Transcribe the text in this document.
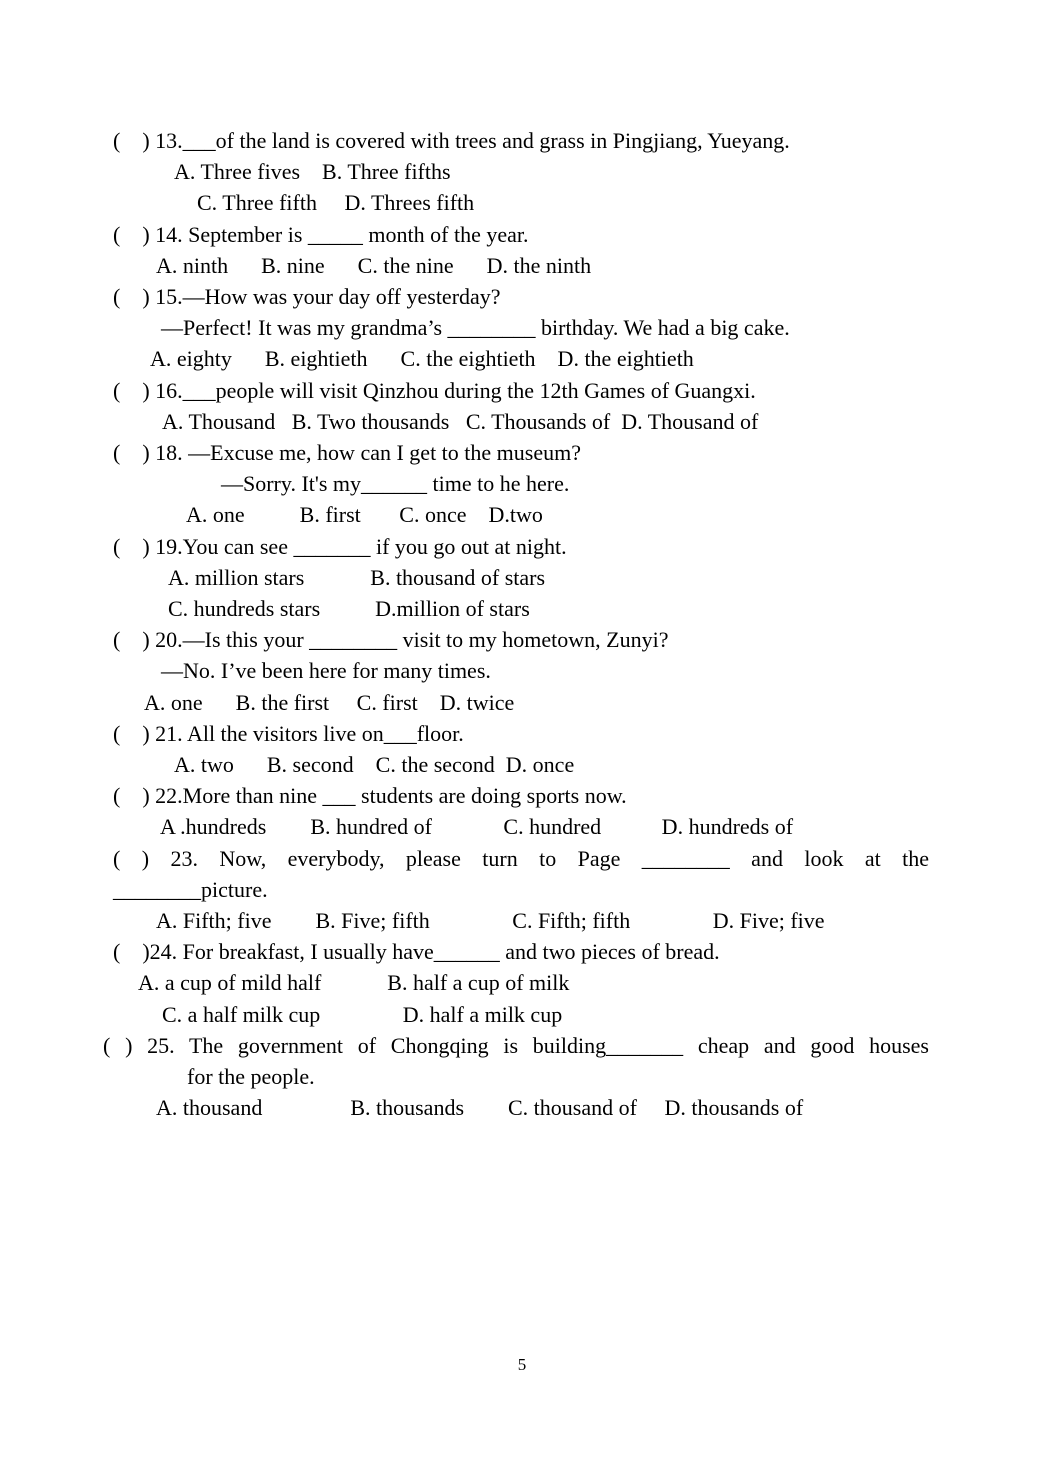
(    ) 13.___of the land is covered with trees and grass in Pingjiang, Yueyang.
A. Three fives    B. Three fifths
C. Three fifth     D. Threes fifth
(    ) 14. September is _____ month of the year.
A. ninth      B. nine      C. the nine      D. the ninth
(    ) 15.—How was your day off yesterday?
—Perfect! It was my grandma’s ________ birthday. We had a big cake.
A. eighty      B. eightieth      C. the eightieth    D. the eightieth
(    ) 16.___people will visit Qinzhou during the 12th Games of Guangxi.
A. Thousand   B. Two thousands   C. Thousands of  D. Thousand of
(    ) 18. —Excuse me, how can I get to the museum?
—Sorry. It's my______ time to he here.
A. one          B. first       C. once    D.two
(    ) 19.You can see _______ if you go out at night.
A. million stars            B. thousand of stars
C. hundreds stars          D.million of stars
(    ) 20.—Is this your ________ visit to my hometown, Zunyi?
—No. I’ve been here for many times.
A. one      B. the first     C. first    D. twice
(    ) 21. All the visitors live on___floor.
A. two      B. second    C. the second  D. once
(    ) 22.More than nine ___ students are doing sports now.
A .hundreds        B. hundred of             C. hundred           D. hundreds of
( ) 23. Now, everybody, please turn to Page ________ and look at the
________picture.
A. Fifth; five        B. Five; fifth               C. Fifth; fifth               D. Five; five
(    )24. For breakfast, I usually have______ and two pieces of bread.
A. a cup of mild half            B. half a cup of milk
C. a half milk cup               D. half a milk cup
( ) 25. The government of Chongqing is building_______ cheap and good houses
for the people.
A. thousand                B. thousands        C. thousand of     D. thousands of
5
